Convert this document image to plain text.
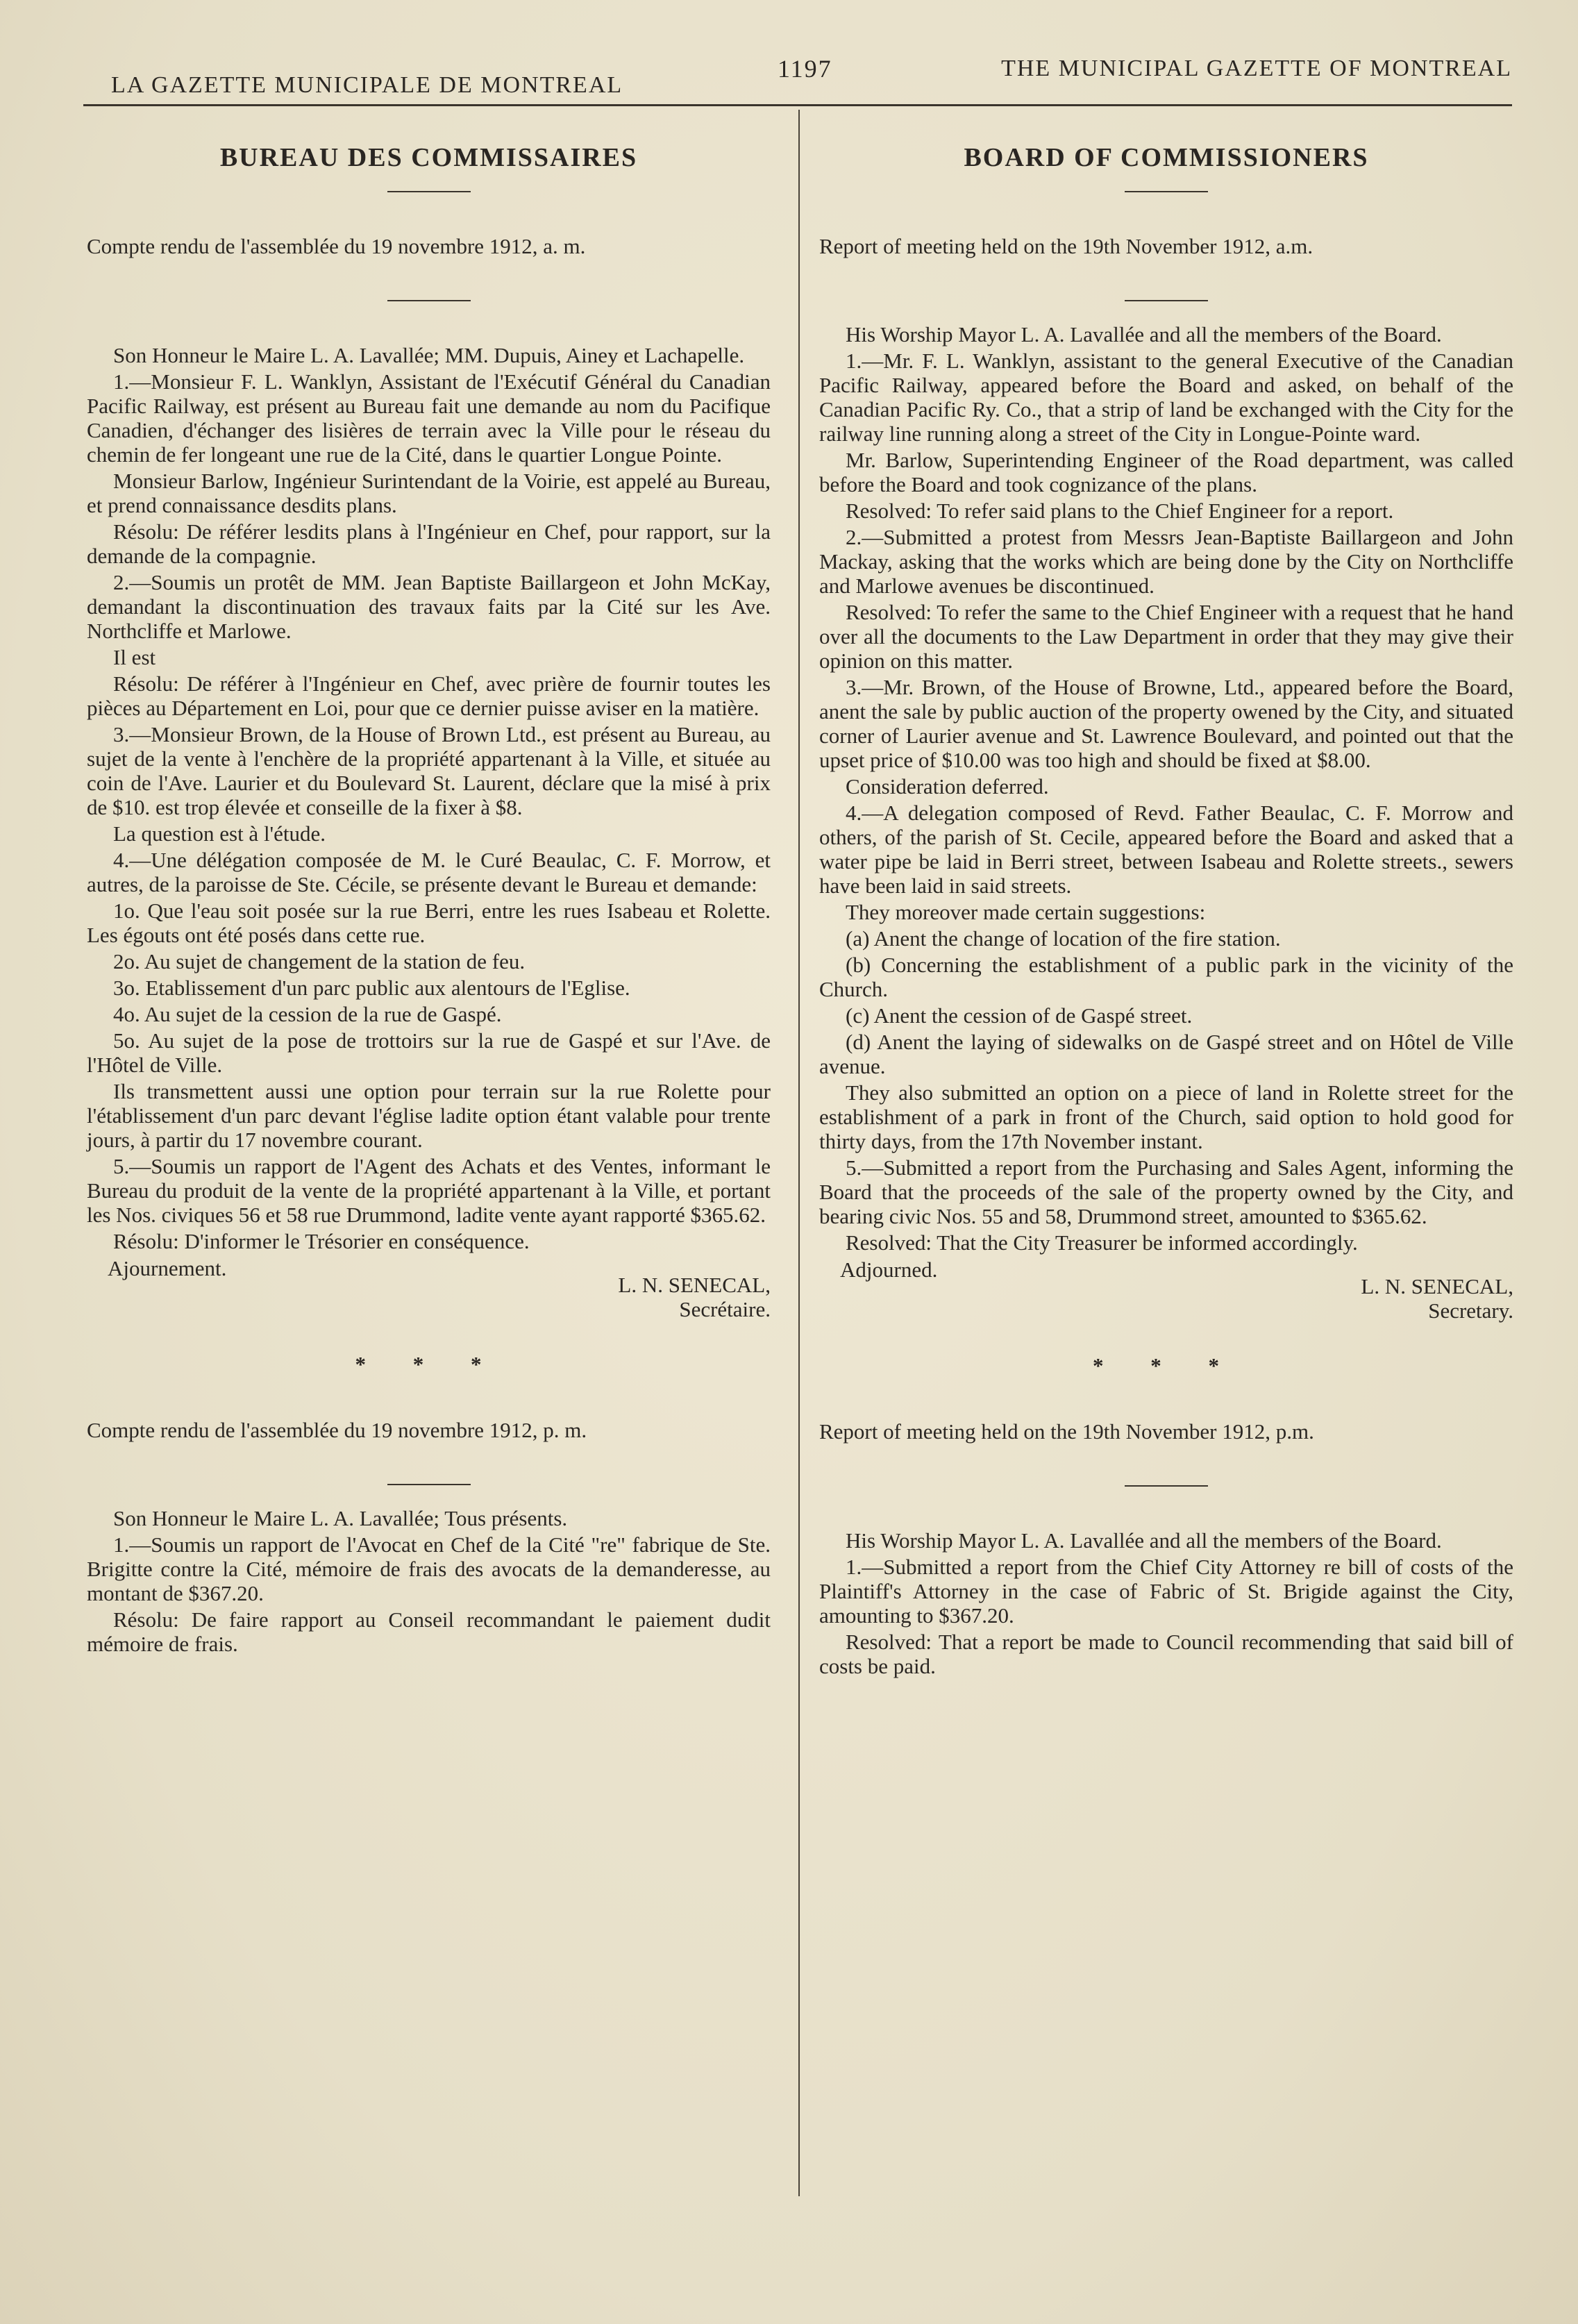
LA GAZETTE MUNICIPALE DE MONTREAL
1197	THE MUNICIPAL GAZETTE OF MONTREAL
BUREAU DES COMMISSAIRES

Compte rendu de l'assemblée du 19 novembre 1912, a. m.

Son Honneur le Maire L. A. Lavallée; MM. Dupuis, Ainey et Lachapelle.

1.—Monsieur F. L. Wanklyn, Assistant de l'Exécutif Général du Canadian Pacific Railway, est présent au Bureau fait une demande au nom du Pacifique Canadien, d'échanger des lisières de terrain avec la Ville pour le réseau du chemin de fer longeant une rue de la Cité, dans le quartier Longue Pointe.

Monsieur Barlow, Ingénieur Surintendant de la Voirie, est appelé au Bureau, et prend connaissance desdits plans.

Résolu: De référer lesdits plans à l'Ingénieur en Chef, pour rapport, sur la demande de la compagnie.

2.—Soumis un protêt de MM. Jean Baptiste Baillargeon et John McKay, demandant la discontinuation des travaux faits par la Cité sur les Ave. Northcliffe et Marlowe.

Il est

Résolu: De référer à l'Ingénieur en Chef, avec prière de fournir toutes les pièces au Département en Loi, pour que ce dernier puisse aviser en la matière.

3.—Monsieur Brown, de la House of Brown Ltd., est présent au Bureau, au sujet de la vente à l'enchère de la propriété appartenant à la Ville, et située au coin de l'Ave. Laurier et du Boulevard St. Laurent, déclare que la misé à prix de $10. est trop élevée et conseille de la fixer à $8.

La question est à l'étude.

4.—Une délégation composée de M. le Curé Beaulac, C. F. Morrow, et autres, de la paroisse de Ste. Cécile, se présente devant le Bureau et demande:

1o. Que l'eau soit posée sur la rue Berri, entre les rues Isabeau et Rolette. Les égouts ont été posés dans cette rue.

2o. Au sujet de changement de la station de feu.

3o. Etablissement d'un parc public aux alentours de l'Eglise.

4o. Au sujet de la cession de la rue de Gaspé.

5o. Au sujet de la pose de trottoirs sur la rue de Gaspé et sur l'Ave. de l'Hôtel de Ville.

Ils transmettent aussi une option pour terrain sur la rue Rolette pour l'établissement d'un parc devant l'église ladite option étant valable pour trente jours, à partir du 17 novembre courant.

5.—Soumis un rapport de l'Agent des Achats et des Ventes, informant le Bureau du produit de la vente de la propriété appartenant à la Ville, et portant les Nos. civiques 56 et 58 rue Drummond, ladite vente ayant rapporté $365.62.

Résolu: D'informer le Trésorier en conséquence.

Ajournement.
L. N. SENECAL,
Secrétaire.
* * *

Compte rendu de l'assemblée du 19 novembre 1912, p. m.

Son Honneur le Maire L. A. Lavallée; Tous présents.

1.—Soumis un rapport de l'Avocat en Chef de la Cité "re" fabrique de Ste. Brigitte contre la Cité, mémoire de frais des avocats de la demanderesse, au montant de $367.20.

Résolu: De faire rapport au Conseil recommandant le paiement dudit mémoire de frais.

BOARD OF COMMISSIONERS

Report of meeting held on the 19th November 1912, a.m.

His Worship Mayor L. A. Lavallée and all the members of the Board.

1.—Mr. F. L. Wanklyn, assistant to the general Executive of the Canadian Pacific Railway, appeared before the Board and asked, on behalf of the Canadian Pacific Ry. Co., that a strip of land be exchanged with the City for the railway line running along a street of the City in Longue-Pointe ward.

Mr. Barlow, Superintending Engineer of the Road department, was called before the Board and took cognizance of the plans.

Resolved: To refer said plans to the Chief Engineer for a report.

2.—Submitted a protest from Messrs Jean-Baptiste Baillargeon and John Mackay, asking that the works which are being done by the City on Northcliffe and Marlowe avenues be discontinued.

Resolved: To refer the same to the Chief Engineer with a request that he hand over all the documents to the Law Department in order that they may give their opinion on this matter.

3.—Mr. Brown, of the House of Browne, Ltd., appeared before the Board, anent the sale by public auction of the property owened by the City, and situated corner of Laurier avenue and St. Lawrence Boulevard, and pointed out that the upset price of $10.00 was too high and should be fixed at $8.00.

Consideration deferred.

4.—A delegation composed of Revd. Father Beaulac, C. F. Morrow and others, of the parish of St. Cecile, appeared before the Board and asked that a water pipe be laid in Berri street, between Isabeau and Rolette streets., sewers have been laid in said streets.

They moreover made certain suggestions:

(a) Anent the change of location of the fire station.

(b) Concerning the establishment of a public park in the vicinity of the Church.

(c) Anent the cession of de Gaspé street.

(d) Anent the laying of sidewalks on de Gaspé street and on Hôtel de Ville avenue.

They also submitted an option on a piece of land in Rolette street for the establishment of a park in front of the Church, said option to hold good for thirty days, from the 17th November instant.

5.—Submitted a report from the Purchasing and Sales Agent, informing the Board that the proceeds of the sale of the property owned by the City, and bearing civic Nos. 55 and 58, Drummond street, amounted to $365.62.

Resolved: That the City Treasurer be informed accordingly.

Adjourned.
L. N. SENECAL,
Secretary.
* * *

Report of meeting held on the 19th November 1912, p.m.

His Worship Mayor L. A. Lavallée and all the members of the Board.

1.—Submitted a report from the Chief City Attorney re bill of costs of the Plaintiff's Attorney in the case of Fabric of St. Brigide against the City, amounting to $367.20.

Resolved: That a report be made to Council recommending that said bill of costs be paid.
